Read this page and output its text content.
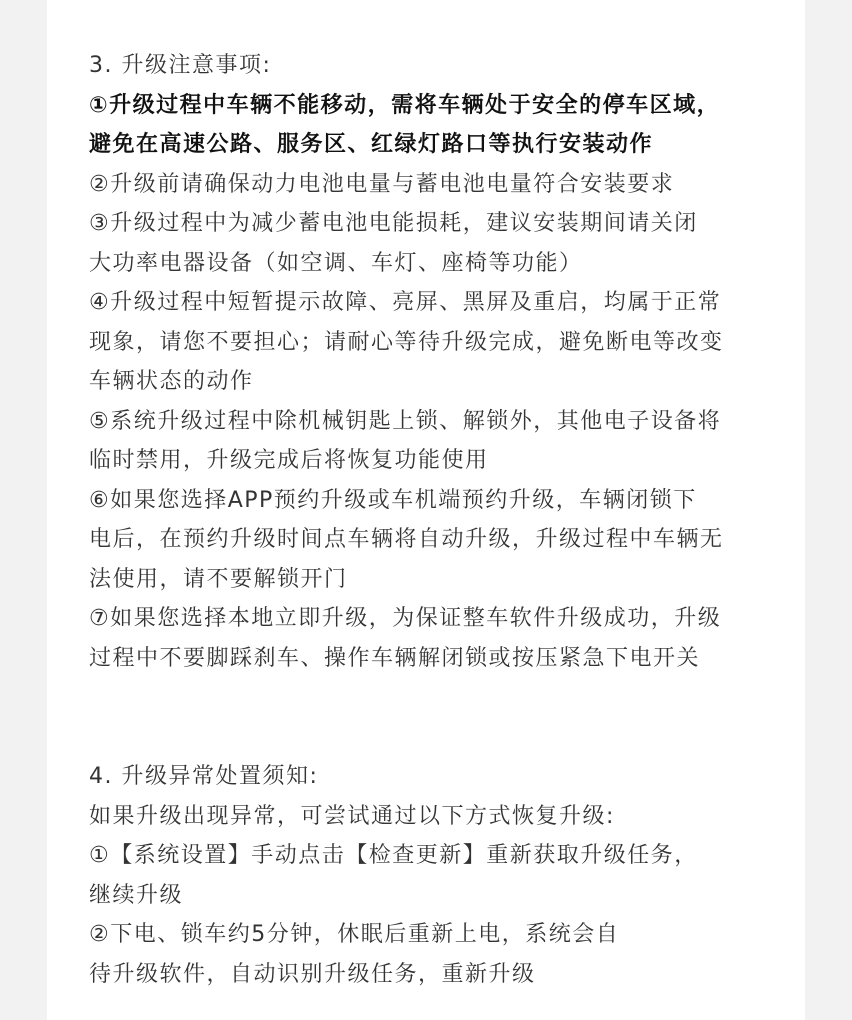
3. 升级注意事项:
①升级过程中车辆不能移动，需将车辆处于安全的停车区域，
避免在高速公路、服务区、红绿灯路口等执行安装动作
②升级前请确保动力电池电量与蓄电池电量符合安装要求
③升级过程中为减少蓄电池电能损耗，建议安装期间请关闭
大功率电器设备（如空调、车灯、座椅等功能）
④升级过程中短暂提示故障、亮屏、黑屏及重启，均属于正常
现象，请您不要担心；请耐心等待升级完成，避免断电等改变
车辆状态的动作
⑤系统升级过程中除机械钥匙上锁、解锁外，其他电子设备将
临时禁用，升级完成后将恢复功能使用
⑥如果您选择APP预约升级或车机端预约升级，车辆闭锁下
电后，在预约升级时间点车辆将自动升级，升级过程中车辆无
法使用，请不要解锁开门
⑦如果您选择本地立即升级，为保证整车软件升级成功，升级
过程中不要脚踩刹车、操作车辆解闭锁或按压紧急下电开关
4. 升级异常处置须知:
如果升级出现异常，可尝试通过以下方式恢复升级:
①【系统设置】手动点击【检查更新】重新获取升级任务，
继续升级
②下电、锁车约5分钟，休眠后重新上电，系统会自
待升级软件，自动识别升级任务，重新升级
